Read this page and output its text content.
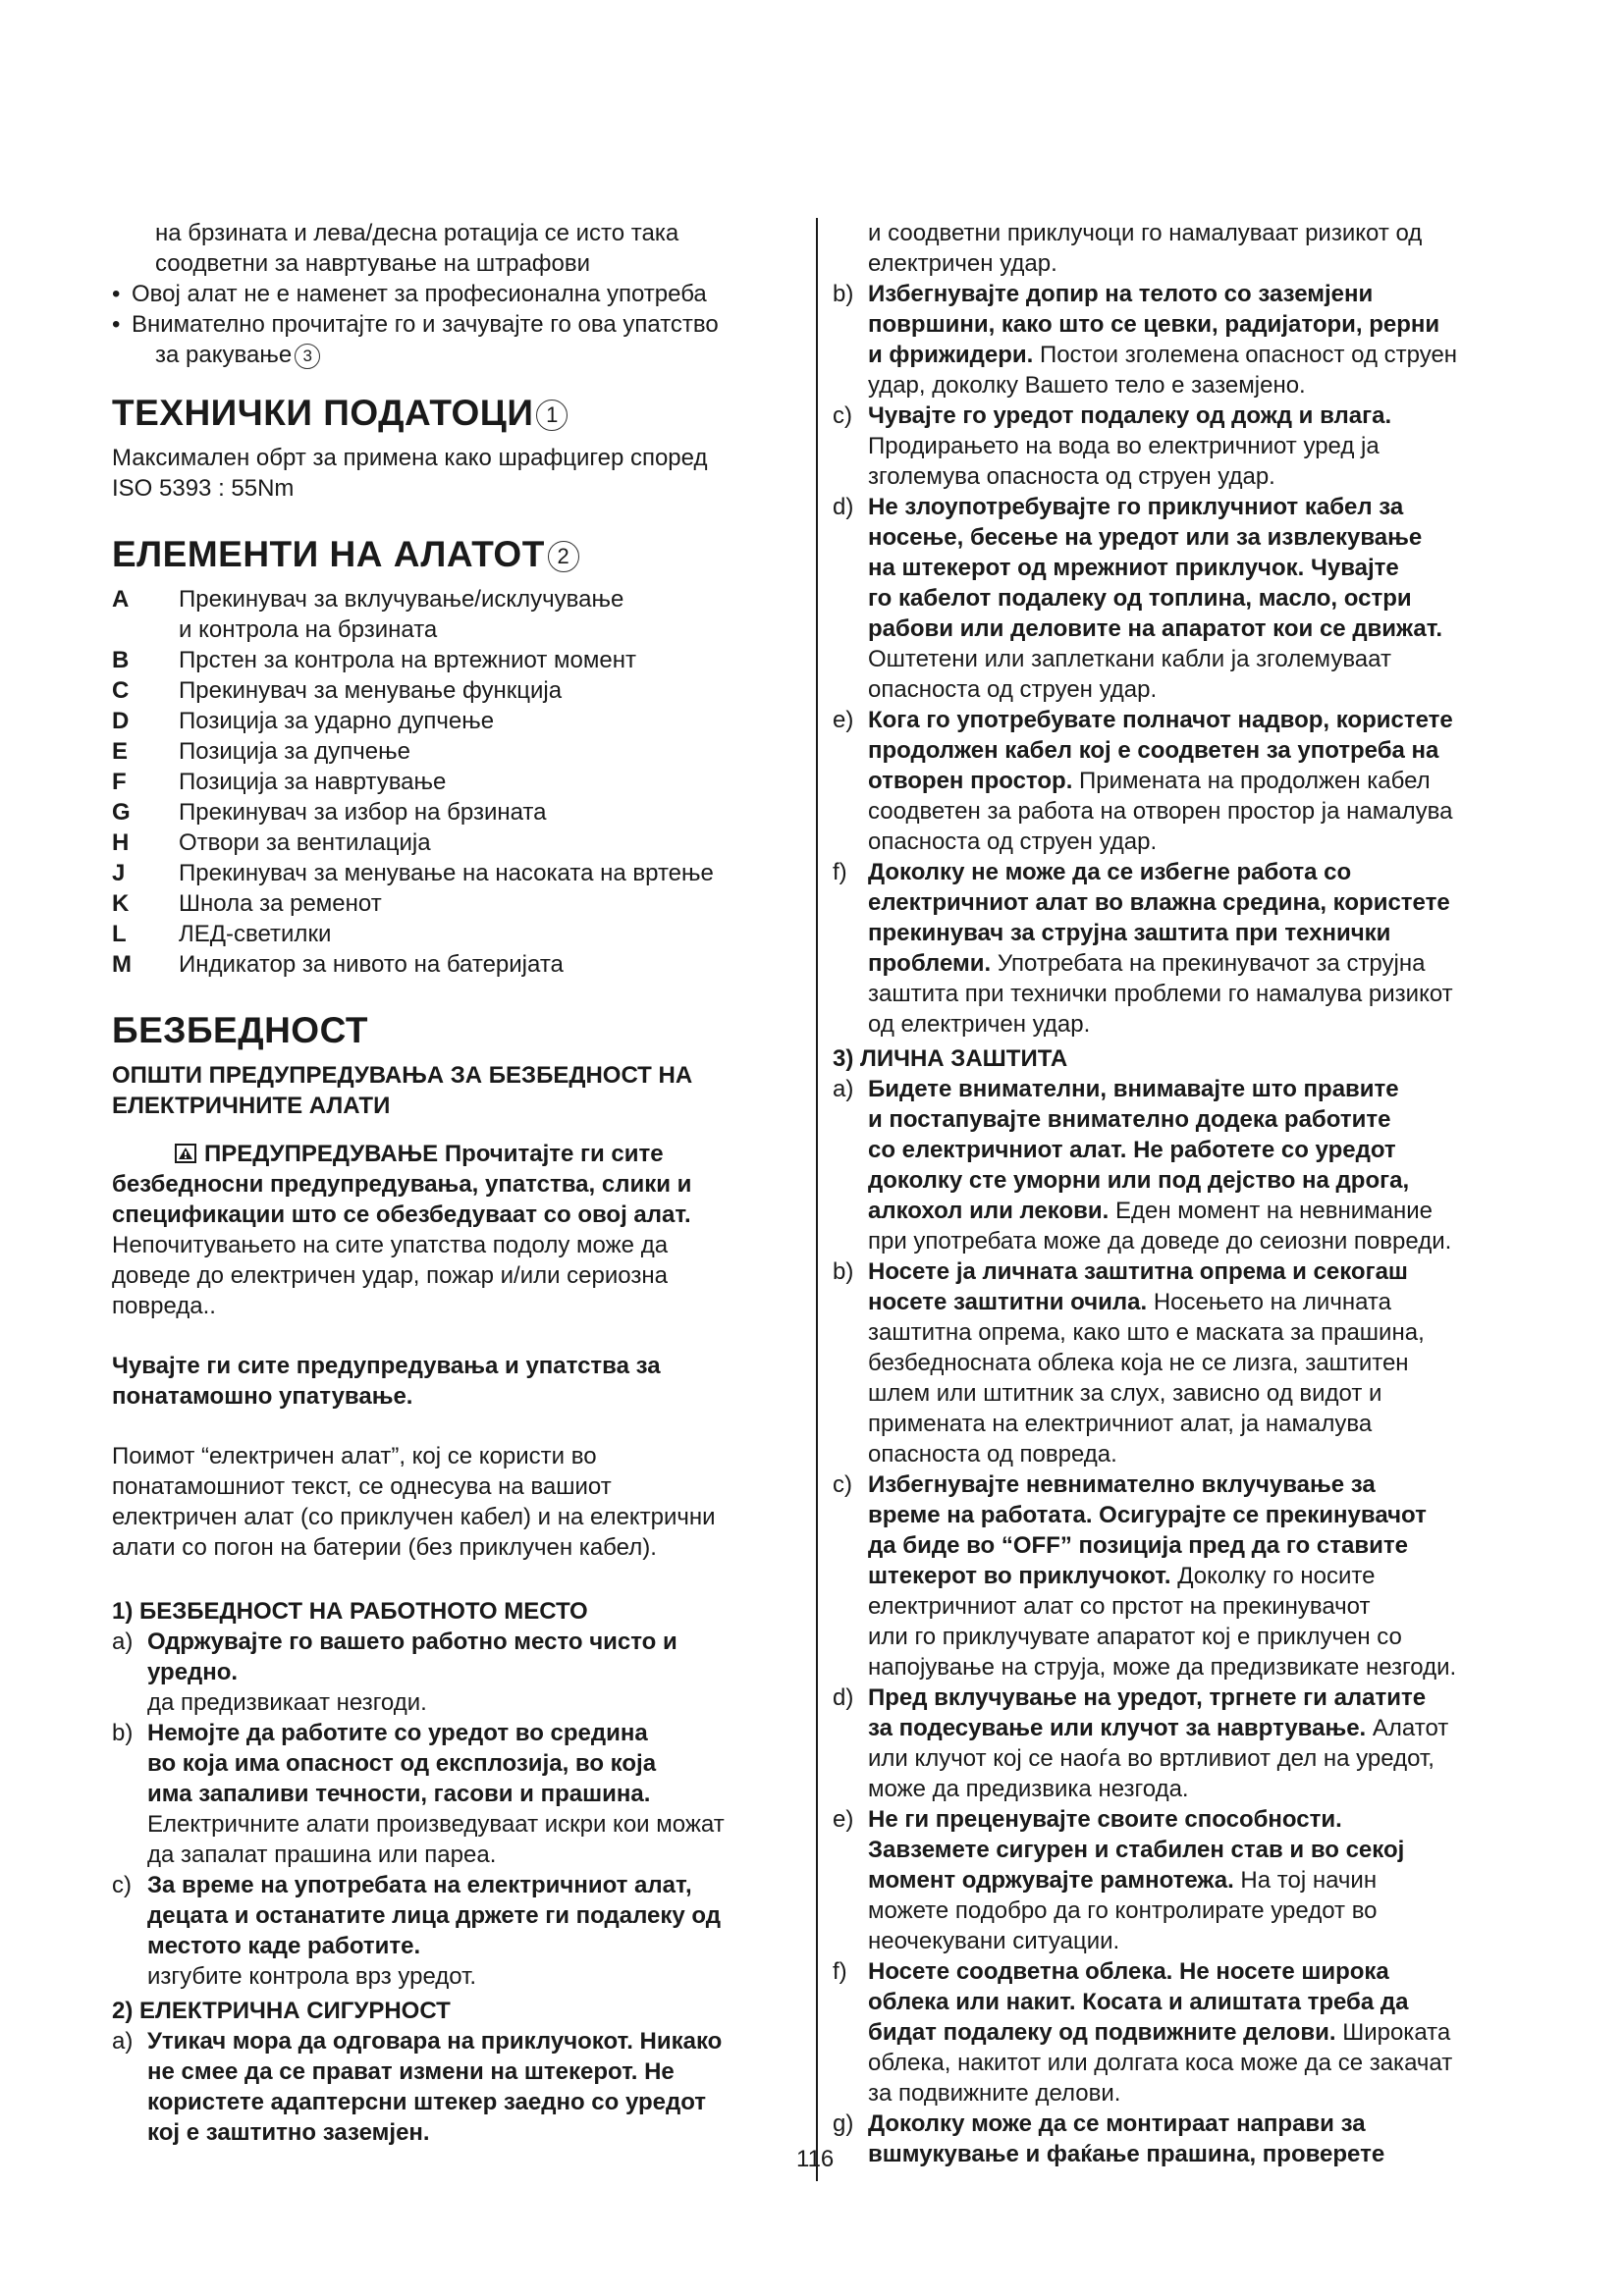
на брзината и лева/десна ротација се исто така
соодветни за навртување на штрафови
• Овој алат не е наменет за професионална употреба
• Внимателно прочитајте го и зачувајте го ова упатство
за ракување 3
ТЕХНИЧКИ ПОДАТОЦИ 1
Максимален обрт за примена како шрафцигер според
ISO 5393 : 55Nm
ЕЛЕМЕНТИ НА АЛАТОТ 2
A	Прекинувач за вклучување/исклучување
и контрола на брзината
B	Прстен за контрола на вртежниот момент
C	Прекинувач за менување функција
D	Позиција за ударно дупчење
E	Позиција за дупчење
F	Позиција за навртување
G	Прекинувач за избор на брзината
H	Отвори за вентилација
J	Прекинувач за менување на насоката на вртење
K	Шнола за ременот
L	ЛЕД-светилки
M	Индикатор за нивото на батеријата
БЕЗБЕДНОСТ
ОПШТИ ПРЕДУПРЕДУВАЊА ЗА БЕЗБЕДНОСТ НА
ЕЛЕКТРИЧНИТЕ АЛАТИ
ПРЕДУПРЕДУВАЊЕ Прочитајте ги сите
безбедносни предупредувања, упатства, слики и
спецификации што се обезбедуваат со овој алат.
Непочитувањето на сите упатства подолу може да
доведе до електричен удар, пожар и/или сериозна
повреда..
Чувајте ги сите предупредувања и упатства за
понатамошно упатување.
Поимот “електричен алат”, кој се користи во
понатамошниот текст, се однесува на вашиот
електричен алат (со приклучен кабел) и на електрични
алати со погон на батерии (без приклучен кабел).
1) БЕЗБЕДНОСТ НА РАБОТНОТО МЕСТО
a) Одржувајте го вашето работно место чисто и
уредно.
да предизвикаат незгоди.
b) Немојте да работите со уредот во средина
во која има опасност од експлозија, во која
има запаливи течности, гасови и прашина.
Електричните алати произведуваат искри кои можат
да запалат прашина или пареа.
c) За време на употребата на електричниот алат,
децата и останатите лица држете ги подалеку од
местото каде работите.
изгубите контрола врз уредот.
2) ЕЛЕКТРИЧНА СИГУРНОСТ
a) Утикач мора да одговара на приклучокот. Никако
не смее да се прават измени на штекерот. Не
користете адаптерсни штекер заедно со уредот
кој е заштитно заземјен.
и соодветни приклучоци го намалуваат ризикот од
електричен удар.
b) Избегнувајте допир на телото со заземјени
површини, како што се цевки, радијатори, рерни
и фрижидери. Постои зголемена опасност од струен
удар, доколку Вашето тело е заземјено.
c) Чувајте го уредот подалеку од дожд и влага.
Продирањето на вода во електричниот уред ја
зголемува опасноста од струен удар.
d) Не злоупотребувајте го приклучниот кабел за
носење, бесење на уредот или за извлекување
на штекерот од мрежниот приклучок. Чувајте
го кабелот подалеку од топлина, масло, остри
рабови или деловите на апаратот кои се движат.
Оштетени или заплеткани кабли ја зголемуваат
опасноста од струен удар.
e) Кога го употребувате полначот надвор, користете
продолжен кабел кој е соодветен за употреба на
отворен простор. Примената на продолжен кабел
соодветен за работа на отворен простор ја намалува
опасноста од струен удар.
f) Доколку не може да се избегне работа со
електричниот алат во влажна средина, користете
прекинувач за струјна заштита при технички
проблеми. Употребата на прекинувачот за струјна
заштита при технички проблеми го намалува ризикот
од електричен удар.
3) ЛИЧНА ЗАШТИТА
a) Бидете внимателни, внимавајте што правите
и постапувајте внимателно додека работите
со електричниот алат. Не работете со уредот
доколку сте уморни или под дејство на дрога,
алкохол или лекови. Еден момент на невнимание
при употребата може да доведе до сеиозни повреди.
b) Носете ја личната заштитна опрема и секогаш
носете заштитни очила. Носењето на личната
заштитна опрема, како што е маската за прашина,
безбедносната облека која не се лизга, заштитен
шлем или штитник за слух, зависно од видот и
примената на електричниот алат, ја намалува
опасноста од повреда.
c) Избегнувајте невнимателно вклучување за
време на работата. Осигурајте се прекинувачот
да биде во “OFF” позиција пред да го ставите
штекерот во приклучокот. Доколку го носите
електричниот алат со прстот на прекинувачот
или го приклучувате апаратот кој е приклучен со
напојување на струја, може да предизвикате незгоди.
d) Пред вклучување на уредот, тргнете ги алатите
за подесување или клучот за навртување. Алатот
или клучот кој се наоѓа во вртливиот дел на уредот,
може да предизвика незгода.
e) Не ги преценувајте своите способности.
Завземете сигурен и стабилен став и во секој
момент одржувајте рамнотежа. На тој начин
можете подобро да го контролирате уредот во
неочекувани ситуации.
f) Носете соодветна облека. Не носете широка
облека или накит. Косата и алиштата треба да
бидат подалеку од подвижните делови. Широката
облека, накитот или долгата коса може да се закачат
за подвижните делови.
g) Доколку може да се монтираат направи за
вшмукување и фаќање прашина, проверете
116
